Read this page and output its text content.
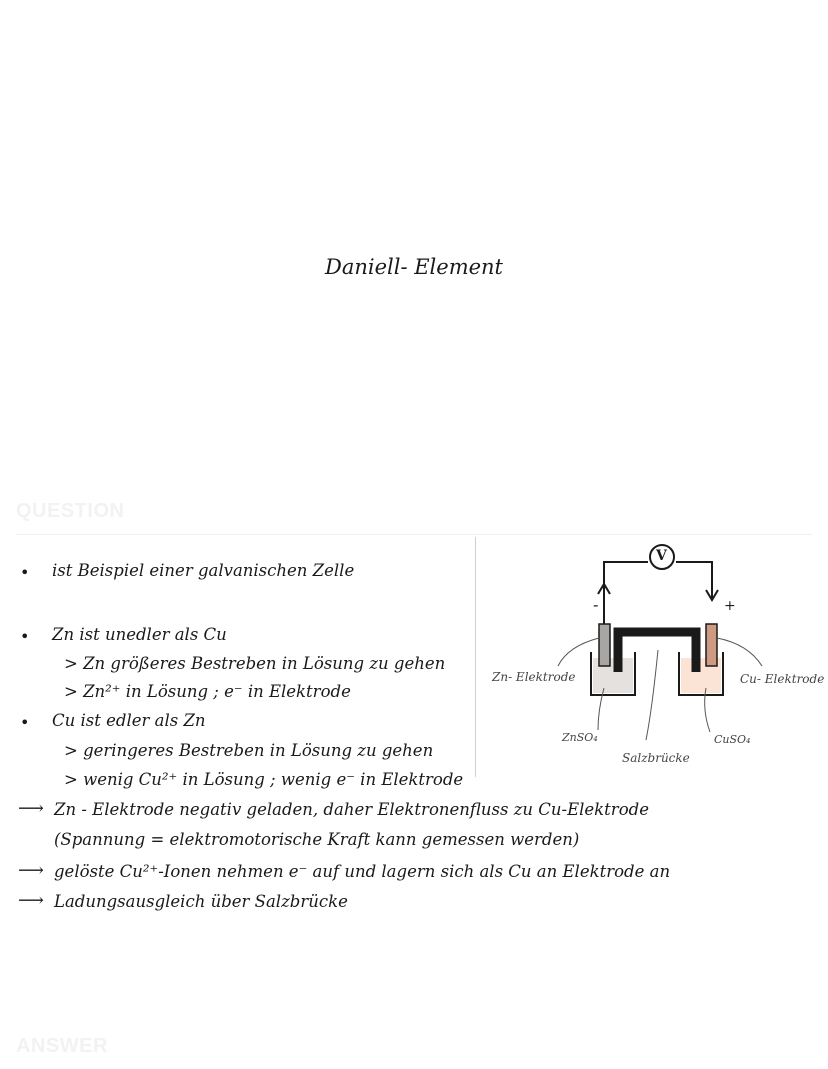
Daniell- Element
QUESTION
• ist Beispiel einer galvanischen Zelle
• Zn ist unedler als Cu
> Zn größeres Bestreben in Lösung zu gehen
> Zn²⁺ in Lösung ; e⁻ in Elektrode
• Cu ist edler als Zn
> geringeres Bestreben in Lösung zu gehen
> wenig Cu²⁺ in Lösung ; wenig e⁻ in Elektrode
⟶ Zn - Elektrode negativ geladen, daher Elektronenfluss zu Cu-Elektrode
(Spannung = elektromotorische Kraft kann gemessen werden)
⟶ gelöste Cu²⁺-Ionen nehmen e⁻ auf und lagern sich als Cu an Elektrode an
⟶ Ladungsausgleich über Salzbrücke
V
-	+
Zn- Elektrode	Cu- Elektrode
ZnSO₄	CuSO₄
Salzbrücke
ANSWER
